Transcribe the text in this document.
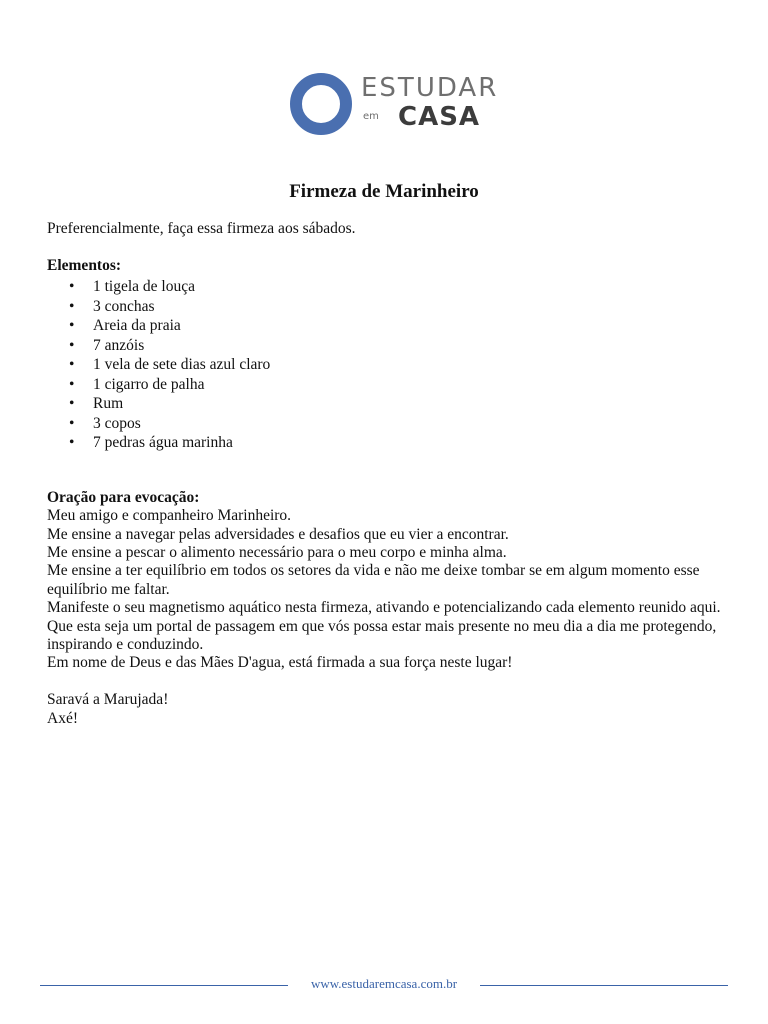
ESTUDAR
em CASA
Firmeza de Marinheiro

Preferencialmente, faça essa firmeza aos sábados.

Elementos:

• 1 tigela de louça
• 3 conchas
• Areia da praia
• 7 anzóis
• 1 vela de sete dias azul claro
• 1 cigarro de palha
• Rum
• 3 copos
• 7 pedras água marinha

Oração para evocação:

Meu amigo e companheiro Marinheiro.

Me ensine a navegar pelas adversidades e desafios que eu vier a encontrar.

Me ensine a pescar o alimento necessário para o meu corpo e minha alma.

Me ensine a ter equilíbrio em todos os setores da vida e não me deixe tombar se em algum momento esse equilíbrio me faltar.

Manifeste o seu magnetismo aquático nesta firmeza, ativando e potencializando cada elemento reunido aqui. Que esta seja um portal de passagem em que vós possa estar mais presente no meu dia a dia me protegendo, inspirando e conduzindo.

Em nome de Deus e das Mães D'agua, está firmada a sua força neste lugar!

Saravá a Marujada!

Axé!

www.estudaremcasa.com.br
